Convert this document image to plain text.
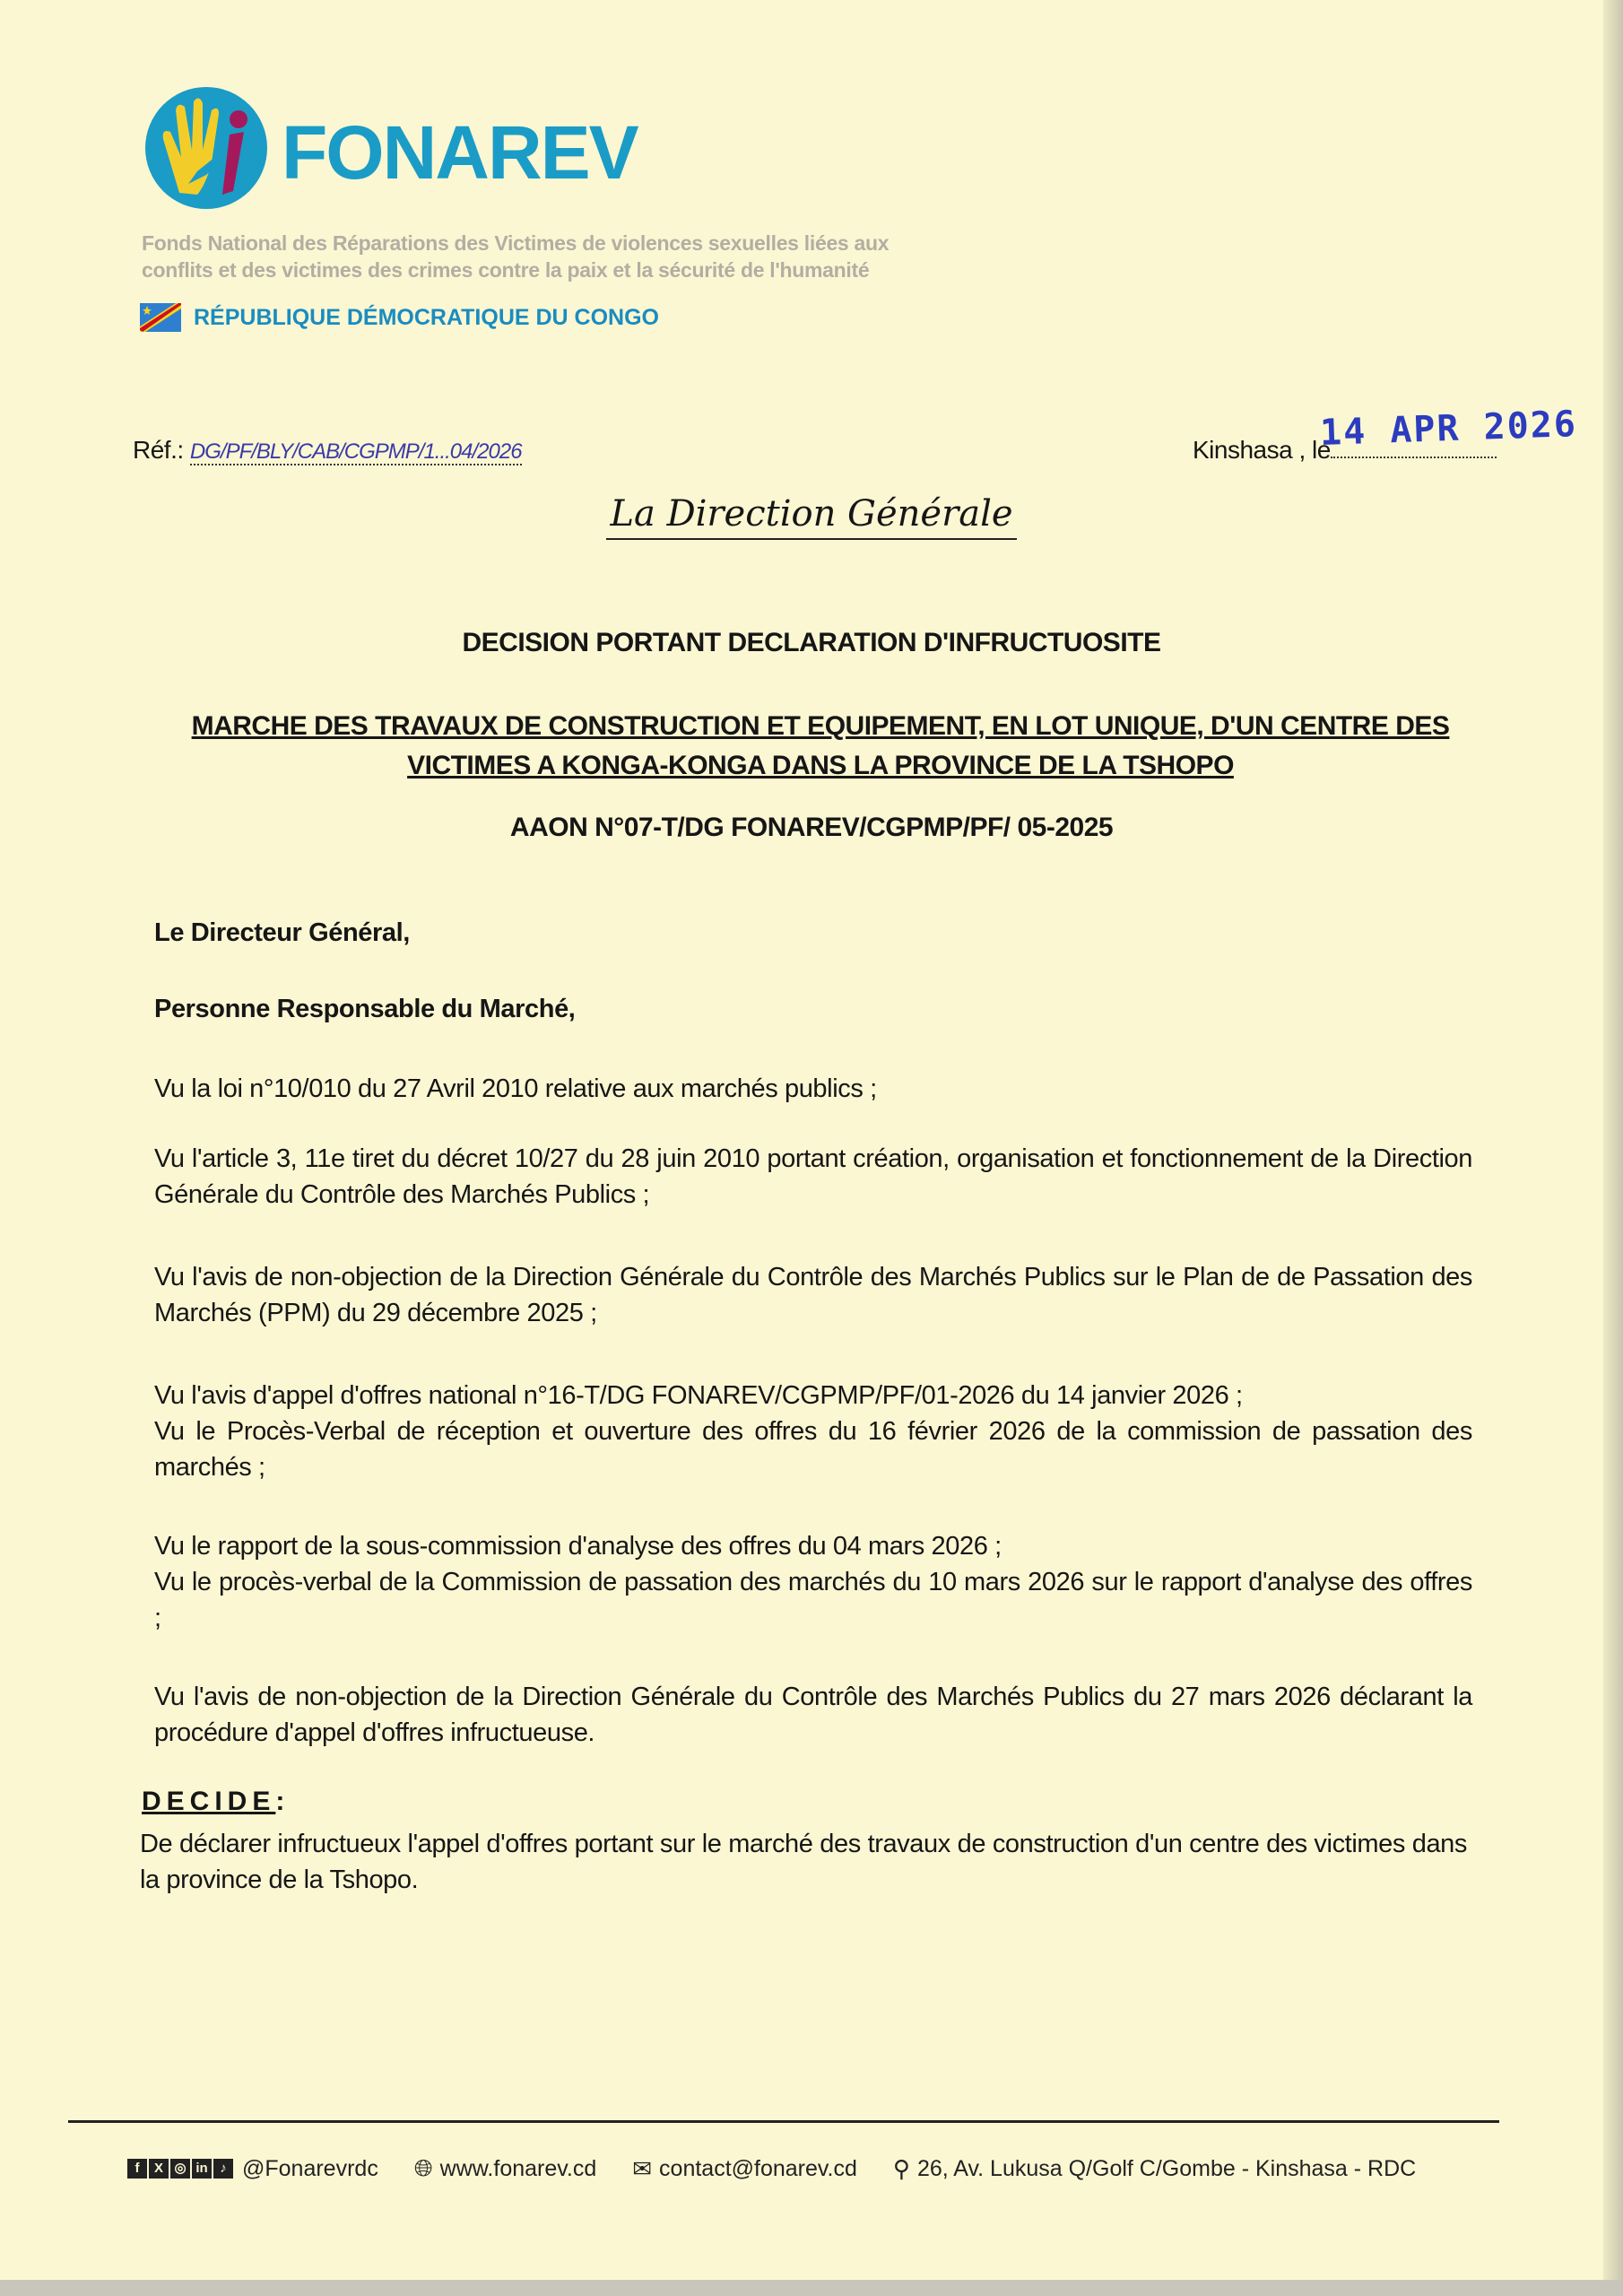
FONAREV
Fonds National des Réparations des Victimes de violences sexuelles liées aux
conflits et des victimes des crimes contre la paix et la sécurité de l'humanité
RÉPUBLIQUE DÉMOCRATIQUE DU CONGO
Réf.: DG/PF/BLY/CAB/CGPMP/1...04/2026	Kinshasa , le
14 APR 2026
La Direction Générale
DECISION PORTANT DECLARATION D'INFRUCTUOSITE
MARCHE DES TRAVAUX DE CONSTRUCTION ET EQUIPEMENT, EN LOT UNIQUE, D'UN CENTRE DES VICTIMES A KONGA-KONGA DANS LA PROVINCE DE LA TSHOPO
AAON N°07-T/DG FONAREV/CGPMP/PF/ 05-2025
Le Directeur Général,
Personne Responsable du Marché,
Vu la loi n°10/010 du 27 Avril 2010 relative aux marchés publics ;
Vu l'article 3, 11e tiret du décret 10/27 du 28 juin 2010 portant création, organisation et fonctionnement de la Direction Générale du Contrôle des Marchés Publics ;
Vu l'avis de non-objection de la Direction Générale du Contrôle des Marchés Publics sur le Plan de de Passation des Marchés (PPM) du 29 décembre 2025 ;
Vu l'avis d'appel d'offres national n°16-T/DG FONAREV/CGPMP/PF/01-2026 du 14 janvier 2026 ;
Vu le Procès-Verbal de réception et ouverture des offres du 16 février 2026 de la commission de passation des marchés ;
Vu le rapport de la sous-commission d'analyse des offres du 04 mars 2026 ;
Vu le procès-verbal de la Commission de passation des marchés du 10 mars 2026 sur le rapport d'analyse des offres ;
Vu l'avis de non-objection de la Direction Générale du Contrôle des Marchés Publics du 27 mars 2026 déclarant la procédure d'appel d'offres infructueuse.
DECIDE:
De déclarer infructueux l'appel d'offres portant sur le marché des travaux de construction d'un centre des victimes dans la province de la Tshopo.
f	X ◎ in ♪ @Fonarevrdc 🌐︎ www.fonarev.cd ✉ contact@fonarev.cd ⚲ 26, Av. Lukusa Q/Golf C/Gombe - Kinshasa - RDC
